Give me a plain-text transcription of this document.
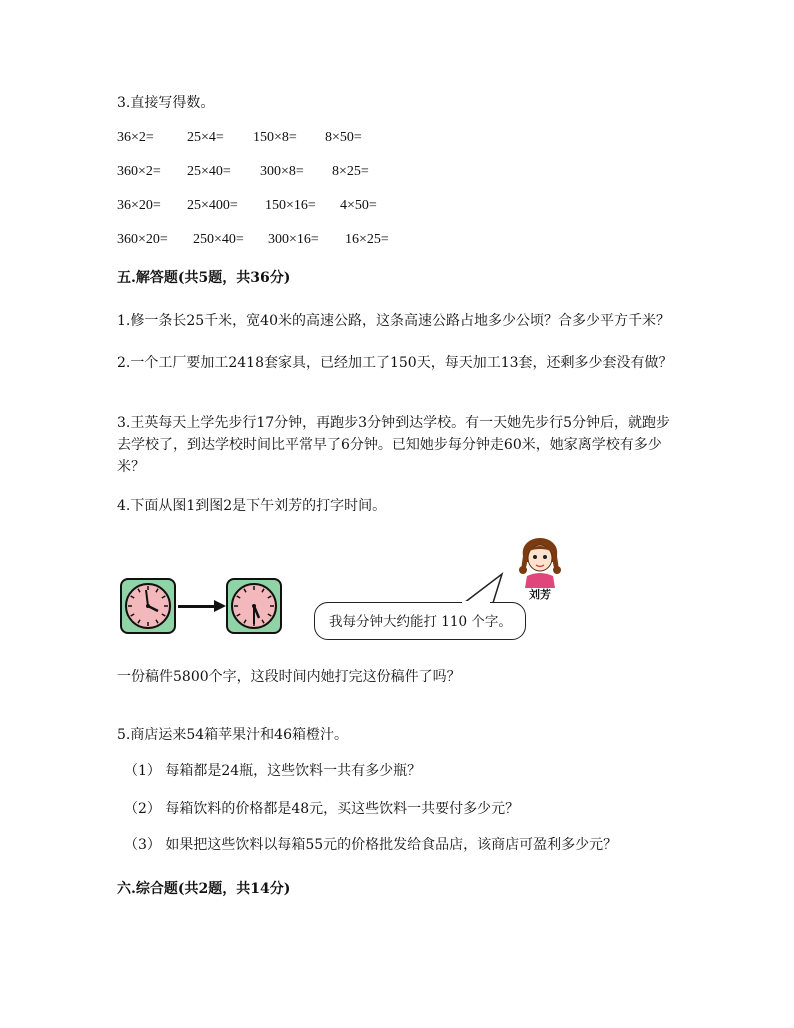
3.直接写得数。
36×2= 25×4= 150×8= 8×50=
360×2= 25×40= 300×8= 8×25=
36×20= 25×400= 150×16= 4×50=
360×20= 250×40= 300×16= 16×25=
五.解答题(共5题，共36分)
1.修一条长25千米，宽40米的高速公路，这条高速公路占地多少公顷？合多少平方千米？
2.一个工厂要加工2418套家具，已经加工了150天，每天加工13套，还剩多少套没有做？
3.王英每天上学先步行17分钟，再跑步3分钟到达学校。有一天她先步行5分钟后，就跑步去学校了，到达学校时间比平常早了6分钟。已知她步每分钟走60米，她家离学校有多少米？
4.下面从图1到图2是下午刘芳的打字时间。
我每分钟大约能打 110 个字。
刘芳
一份稿件5800个字，这段时间内她打完这份稿件了吗？
5.商店运来54箱苹果汁和46箱橙汁。
（1） 每箱都是24瓶，这些饮料一共有多少瓶？
（2） 每箱饮料的价格都是48元，买这些饮料一共要付多少元？
（3） 如果把这些饮料以每箱55元的价格批发给食品店，该商店可盈利多少元？
六.综合题(共2题，共14分)
